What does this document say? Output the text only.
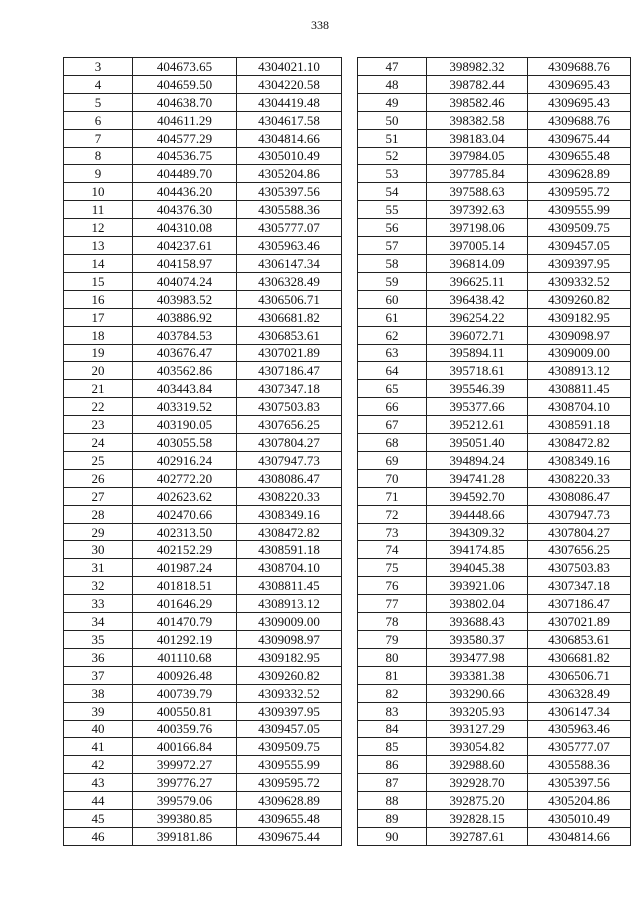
338
3	404673.65	4304021.10
4	404659.50	4304220.58
5	404638.70	4304419.48
6	404611.29	4304617.58
7	404577.29	4304814.66
8	404536.75	4305010.49
9	404489.70	4305204.86
10	404436.20	4305397.56
11	404376.30	4305588.36
12	404310.08	4305777.07
13	404237.61	4305963.46
14	404158.97	4306147.34
15	404074.24	4306328.49
16	403983.52	4306506.71
17	403886.92	4306681.82
18	403784.53	4306853.61
19	403676.47	4307021.89
20	403562.86	4307186.47
21	403443.84	4307347.18
22	403319.52	4307503.83
23	403190.05	4307656.25
24	403055.58	4307804.27
25	402916.24	4307947.73
26	402772.20	4308086.47
27	402623.62	4308220.33
28	402470.66	4308349.16
29	402313.50	4308472.82
30	402152.29	4308591.18
31	401987.24	4308704.10
32	401818.51	4308811.45
33	401646.29	4308913.12
34	401470.79	4309009.00
35	401292.19	4309098.97
36	401110.68	4309182.95
37	400926.48	4309260.82
38	400739.79	4309332.52
39	400550.81	4309397.95
40	400359.76	4309457.05
41	400166.84	4309509.75
42	399972.27	4309555.99
43	399776.27	4309595.72
44	399579.06	4309628.89
45	399380.85	4309655.48
46	399181.86	4309675.44
47	398982.32	4309688.76
48	398782.44	4309695.43
49	398582.46	4309695.43
50	398382.58	4309688.76
51	398183.04	4309675.44
52	397984.05	4309655.48
53	397785.84	4309628.89
54	397588.63	4309595.72
55	397392.63	4309555.99
56	397198.06	4309509.75
57	397005.14	4309457.05
58	396814.09	4309397.95
59	396625.11	4309332.52
60	396438.42	4309260.82
61	396254.22	4309182.95
62	396072.71	4309098.97
63	395894.11	4309009.00
64	395718.61	4308913.12
65	395546.39	4308811.45
66	395377.66	4308704.10
67	395212.61	4308591.18
68	395051.40	4308472.82
69	394894.24	4308349.16
70	394741.28	4308220.33
71	394592.70	4308086.47
72	394448.66	4307947.73
73	394309.32	4307804.27
74	394174.85	4307656.25
75	394045.38	4307503.83
76	393921.06	4307347.18
77	393802.04	4307186.47
78	393688.43	4307021.89
79	393580.37	4306853.61
80	393477.98	4306681.82
81	393381.38	4306506.71
82	393290.66	4306328.49
83	393205.93	4306147.34
84	393127.29	4305963.46
85	393054.82	4305777.07
86	392988.60	4305588.36
87	392928.70	4305397.56
88	392875.20	4305204.86
89	392828.15	4305010.49
90	392787.61	4304814.66
